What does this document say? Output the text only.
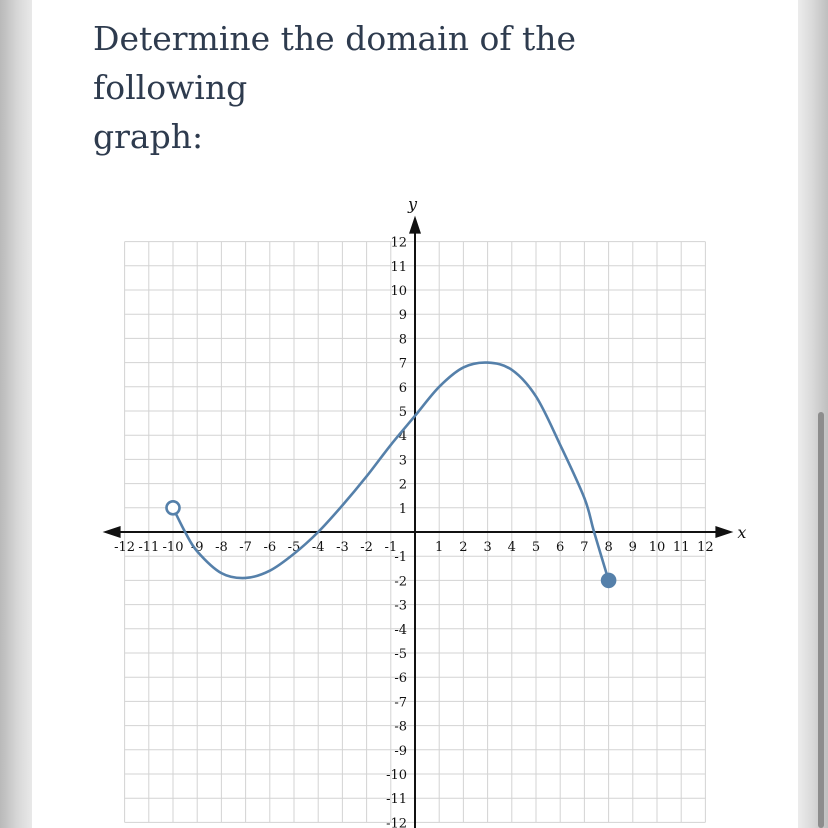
Determine the domain of the following
graph:
x
y
-12 -11 -10 -9 -8 -7 -6 -5 -4 -3 -2 -1	1 2 3 4 5 6 7 8 9 10 11 12
12
11
10
9
8
7
6
5
4
3
2
1
-1
-2
-3
-4
-5
-6
-7
-8
-9
-10
-11
-12
